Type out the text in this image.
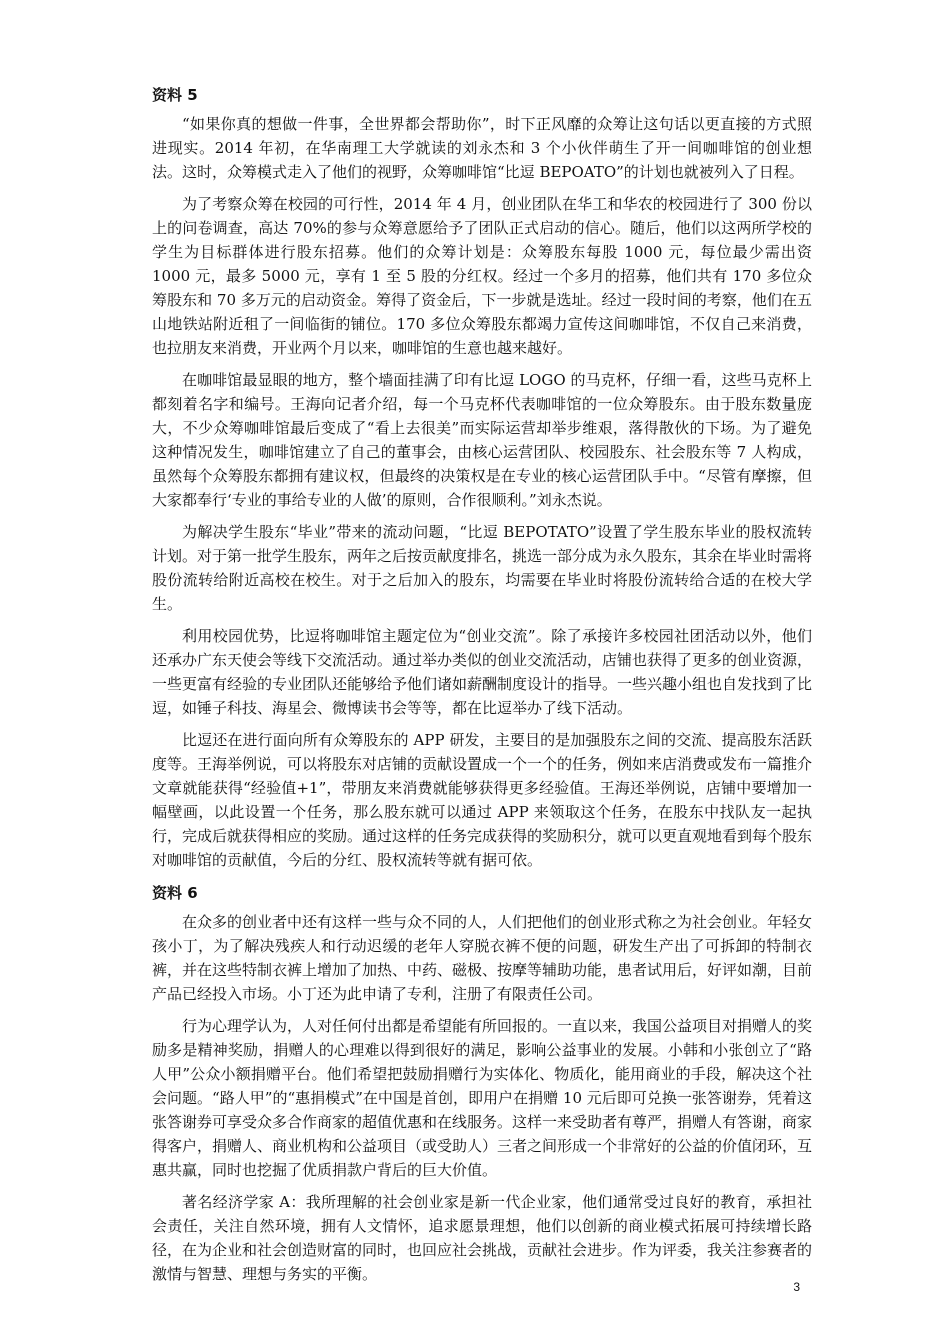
资料 5

“如果你真的想做一件事，全世界都会帮助你”，时下正风靡的众筹让这句话以更直接的方式照进现实。2014 年初，在华南理工大学就读的刘永杰和 3 个小伙伴萌生了开一间咖啡馆的创业想法。这时，众筹模式走入了他们的视野，众筹咖啡馆“比逗 BEPOATO”的计划也就被列入了日程。

为了考察众筹在校园的可行性，2014 年 4 月，创业团队在华工和华农的校园进行了 300 份以上的问卷调查，高达 70%的参与众筹意愿给予了团队正式启动的信心。随后，他们以这两所学校的学生为目标群体进行股东招募。他们的众筹计划是：众筹股东每股 1000 元，每位最少需出资 1000 元，最多 5000 元，享有 1 至 5 股的分红权。经过一个多月的招募，他们共有 170 多位众筹股东和 70 多万元的启动资金。筹得了资金后，下一步就是选址。经过一段时间的考察，他们在五山地铁站附近租了一间临街的铺位。170 多位众筹股东都竭力宣传这间咖啡馆，不仅自己来消费，也拉朋友来消费，开业两个月以来，咖啡馆的生意也越来越好。

在咖啡馆最显眼的地方，整个墙面挂满了印有比逗 LOGO 的马克杯，仔细一看，这些马克杯上都刻着名字和编号。王海向记者介绍，每一个马克杯代表咖啡馆的一位众筹股东。由于股东数量庞大，不少众筹咖啡馆最后变成了“看上去很美”而实际运营却举步维艰，落得散伙的下场。为了避免这种情况发生，咖啡馆建立了自己的董事会，由核心运营团队、校园股东、社会股东等 7 人构成，虽然每个众筹股东都拥有建议权，但最终的决策权是在专业的核心运营团队手中。“尽管有摩擦，但大家都奉行‘专业的事给专业的人做’的原则，合作很顺利。”刘永杰说。

为解决学生股东“毕业”带来的流动问题，“比逗 BEPOTATO”设置了学生股东毕业的股权流转计划。对于第一批学生股东，两年之后按贡献度排名，挑选一部分成为永久股东，其余在毕业时需将股份流转给附近高校在校生。对于之后加入的股东，均需要在毕业时将股份流转给合适的在校大学生。

利用校园优势，比逗将咖啡馆主题定位为“创业交流”。除了承接许多校园社团活动以外，他们还承办广东天使会等线下交流活动。通过举办类似的创业交流活动，店铺也获得了更多的创业资源，一些更富有经验的专业团队还能够给予他们诸如薪酬制度设计的指导。一些兴趣小组也自发找到了比逗，如锤子科技、海星会、微博读书会等等，都在比逗举办了线下活动。

比逗还在进行面向所有众筹股东的 APP 研发，主要目的是加强股东之间的交流、提高股东活跃度等。王海举例说，可以将股东对店铺的贡献设置成一个一个的任务，例如来店消费或发布一篇推介文章就能获得“经验值+1”，带朋友来消费就能够获得更多经验值。王海还举例说，店铺中要增加一幅壁画，以此设置一个任务，那么股东就可以通过 APP 来领取这个任务，在股东中找队友一起执行，完成后就获得相应的奖励。通过这样的任务完成获得的奖励积分，就可以更直观地看到每个股东对咖啡馆的贡献值，今后的分红、股权流转等就有据可依。

资料 6

在众多的创业者中还有这样一些与众不同的人，人们把他们的创业形式称之为社会创业。年轻女孩小丁，为了解决残疾人和行动迟缓的老年人穿脱衣裤不便的问题，研发生产出了可拆卸的特制衣裤，并在这些特制衣裤上增加了加热、中药、磁极、按摩等辅助功能，患者试用后，好评如潮，目前产品已经投入市场。小丁还为此申请了专利，注册了有限责任公司。

行为心理学认为，人对任何付出都是希望能有所回报的。一直以来，我国公益项目对捐赠人的奖励多是精神奖励，捐赠人的心理难以得到很好的满足，影响公益事业的发展。小韩和小张创立了“路人甲”公众小额捐赠平台。他们希望把鼓励捐赠行为实体化、物质化，能用商业的手段，解决这个社会问题。“路人甲”的“惠捐模式”在中国是首创，即用户在捐赠 10 元后即可兑换一张答谢券，凭着这张答谢券可享受众多合作商家的超值优惠和在线服务。这样一来受助者有尊严，捐赠人有答谢，商家得客户，捐赠人、商业机构和公益项目（或受助人）三者之间形成一个非常好的公益的价值闭环，互惠共赢，同时也挖掘了优质捐款户背后的巨大价值。

著名经济学家 A：我所理解的社会创业家是新一代企业家，他们通常受过良好的教育，承担社会责任，关注自然环境，拥有人文情怀，追求愿景理想，他们以创新的商业模式拓展可持续增长路径，在为企业和社会创造财富的同时，也回应社会挑战，贡献社会进步。作为评委，我关注参赛者的激情与智慧、理想与务实的平衡。

3
